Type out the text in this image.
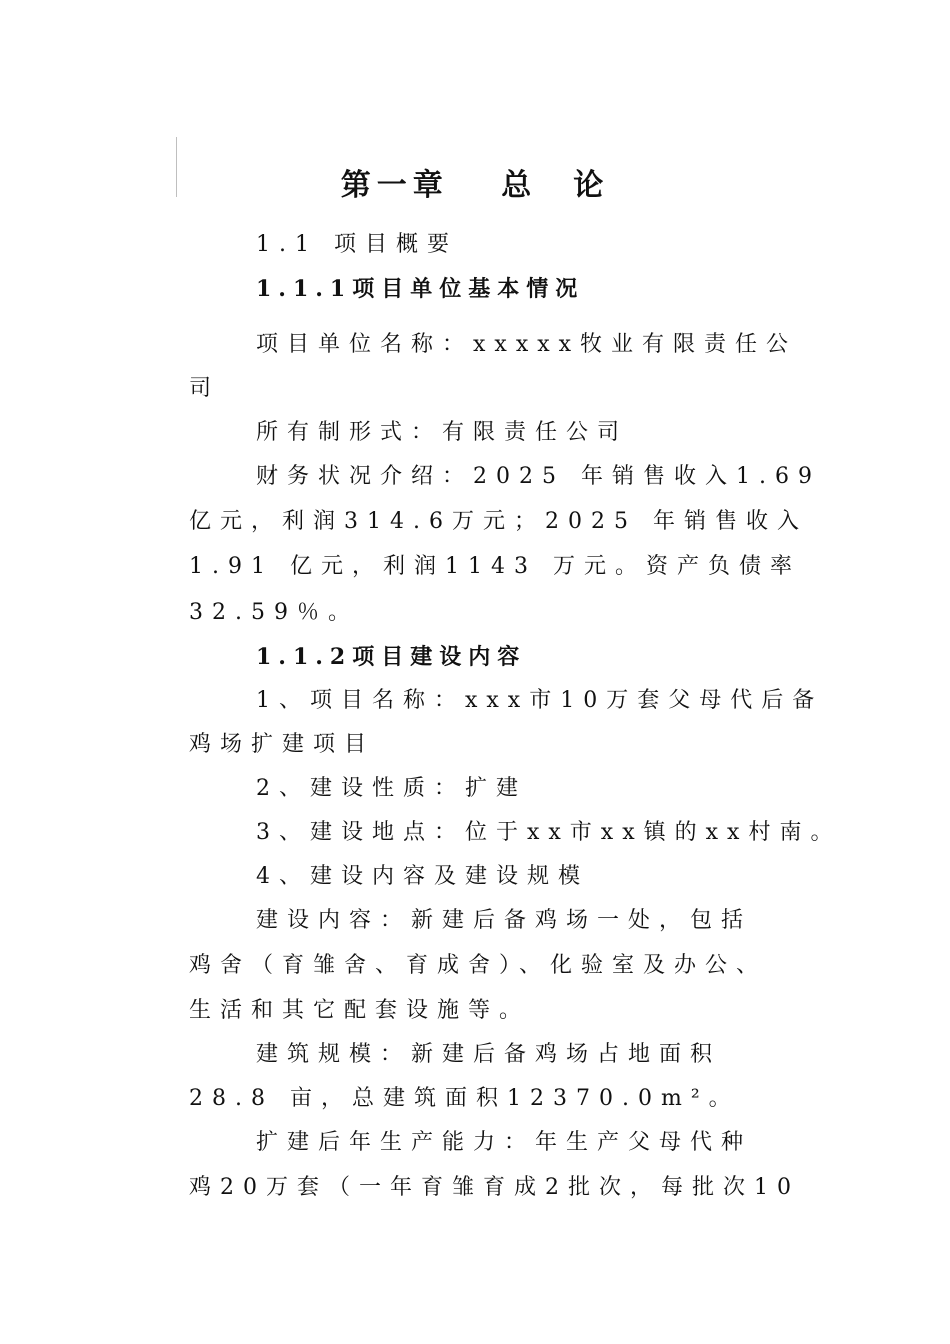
第一章　 总　论
1.1 项目概要
1.1.1项目单位基本情况
项目单位名称：xxxxx牧业有限责任公
司
所有制形式：有限责任公司
财务状况介绍：2025 年销售收入1.69
亿元，利润314.6万元；2025 年销售收入
1.91 亿元，利润1143 万元。资产负债率
32.59％。
1.1.2项目建设内容
1、项目名称：xxx市10万套父母代后备
鸡场扩建项目
2、建设性质：扩建
3、建设地点：位于xx市xx镇的xx村南。
4、建设内容及建设规模
建设内容：新建后备鸡场一处，包括
鸡舍（育雏舍、育成舍）、化验室及办公、
生活和其它配套设施等。
建筑规模：新建后备鸡场占地面积
28.8 亩，总建筑面积12370.0m²。
扩建后年生产能力：年生产父母代种
鸡20万套（一年育雏育成2批次，每批次10
